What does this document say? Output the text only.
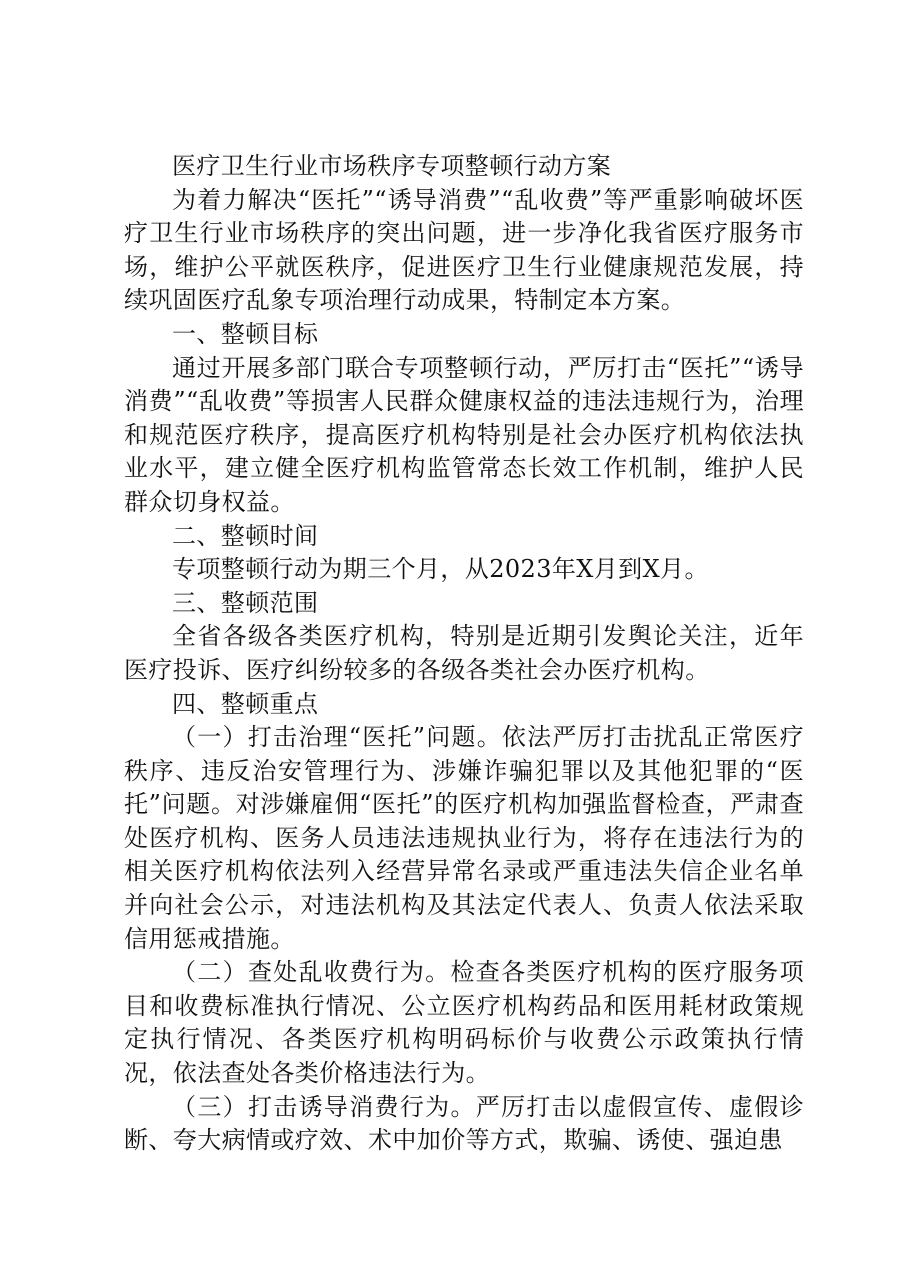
医疗卫生行业市场秩序专项整顿行动方案

为着力解决“医托”“诱导消费”“乱收费”等严重影响破坏医疗卫生行业市场秩序的突出问题，进一步净化我省医疗服务市场，维护公平就医秩序，促进医疗卫生行业健康规范发展，持续巩固医疗乱象专项治理行动成果，特制定本方案。

一、整顿目标

通过开展多部门联合专项整顿行动，严厉打击“医托”“诱导消费”“乱收费”等损害人民群众健康权益的违法违规行为，治理和规范医疗秩序，提高医疗机构特别是社会办医疗机构依法执业水平，建立健全医疗机构监管常态长效工作机制，维护人民群众切身权益。

二、整顿时间

专项整顿行动为期三个月，从2023年X月到X月。

三、整顿范围

全省各级各类医疗机构，特别是近期引发舆论关注，近年医疗投诉、医疗纠纷较多的各级各类社会办医疗机构。

四、整顿重点

（一）打击治理“医托”问题。依法严厉打击扰乱正常医疗秩序、违反治安管理行为、涉嫌诈骗犯罪以及其他犯罪的“医托”问题。对涉嫌雇佣“医托”的医疗机构加强监督检查，严肃查处医疗机构、医务人员违法违规执业行为，将存在违法行为的相关医疗机构依法列入经营异常名录或严重违法失信企业名单并向社会公示，对违法机构及其法定代表人、负责人依法采取信用惩戒措施。

（二）查处乱收费行为。检查各类医疗机构的医疗服务项目和收费标准执行情况、公立医疗机构药品和医用耗材政策规定执行情况、各类医疗机构明码标价与收费公示政策执行情况，依法查处各类价格违法行为。

（三）打击诱导消费行为。严厉打击以虚假宣传、虚假诊断、夸大病情或疗效、术中加价等方式，欺骗、诱使、强迫患
